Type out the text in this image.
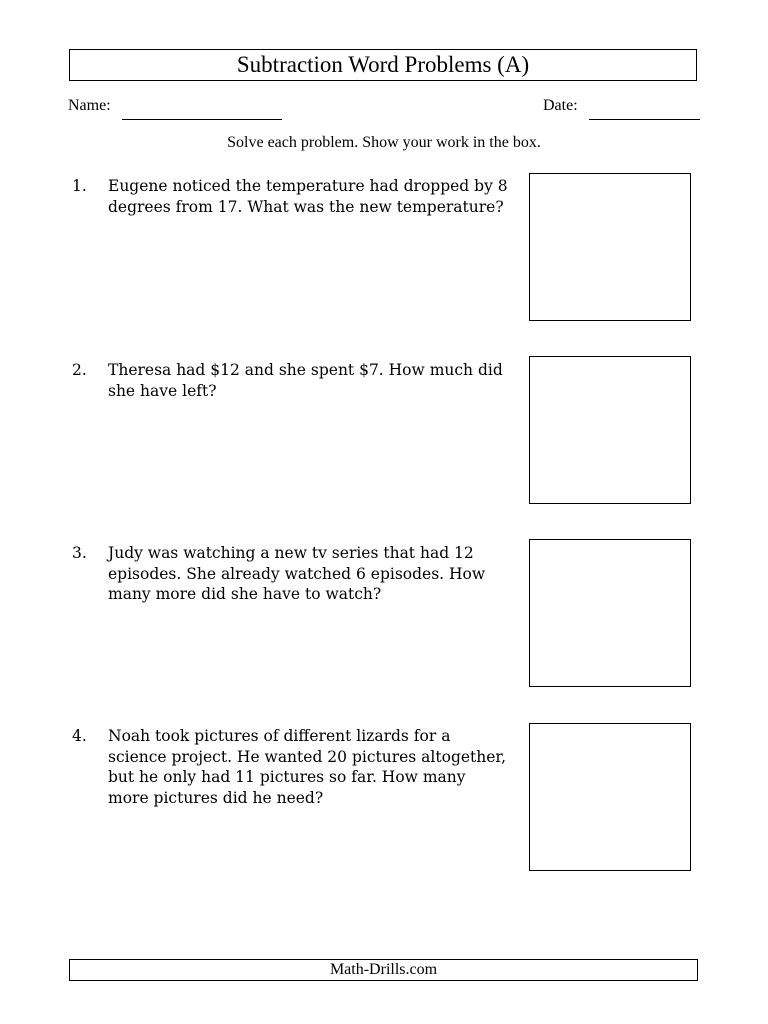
Subtraction Word Problems (A)
Name:	Date:
Solve each problem. Show your work in the box.
1. Eugene noticed the temperature had dropped by 8 degrees from 17. What was the new temperature?
2. Theresa had $12 and she spent $7. How much did she have left?
3. Judy was watching a new tv series that had 12 episodes. She already watched 6 episodes. How many more did she have to watch?
4. Noah took pictures of different lizards for a science project. He wanted 20 pictures altogether, but he only had 11 pictures so far. How many more pictures did he need?
Math-Drills.com
